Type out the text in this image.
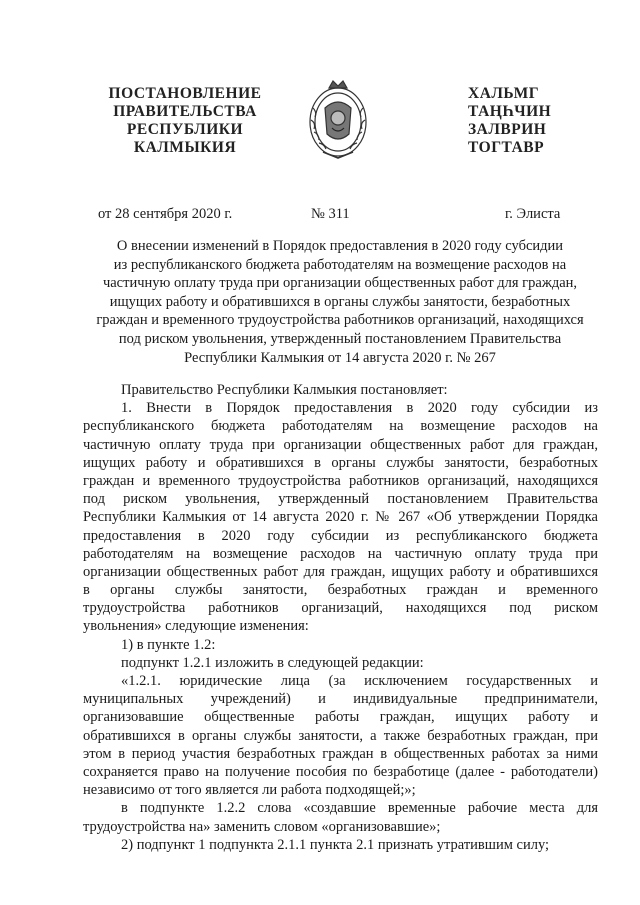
ПОСТАНОВЛЕНИЕ
ПРАВИТЕЛЬСТВА
РЕСПУБЛИКИ
КАЛМЫКИЯ
ХАЛЬМГ
ТАҢҺЧИН
ЗАЛВРИН
ТОГТАВР
от 28 сентября 2020 г.	№ 311	г. Элиста
О внесении изменений в Порядок предоставления в 2020 году субсидии
из республиканского бюджета работодателям на возмещение расходов на
частичную оплату труда при организации общественных работ для граждан,
ищущих работу и обратившихся в органы службы занятости, безработных
граждан и временного трудоустройства работников организаций, находящихся
под риском увольнения, утвержденный постановлением Правительства
Республики Калмыкия от 14 августа 2020 г. № 267
Правительство Республики Калмыкия постановляет:
1. Внести в Порядок предоставления в 2020 году субсидии из
республиканского бюджета работодателям на возмещение расходов на
частичную оплату труда при организации общественных работ для граждан,
ищущих работу и обратившихся в органы службы занятости, безработных
граждан и временного трудоустройства работников организаций, находящихся
под риском увольнения, утвержденный постановлением Правительства
Республики Калмыкия от 14 августа 2020 г. № 267 «Об утверждении Порядка
предоставления в 2020 году субсидии из республиканского бюджета
работодателям на возмещение расходов на частичную оплату труда при
организации общественных работ для граждан, ищущих работу и обратившихся
в органы службы занятости, безработных граждан и временного
трудоустройства работников организаций, находящихся под риском
увольнения» следующие изменения:
1) в пункте 1.2:
подпункт 1.2.1 изложить в следующей редакции:
«1.2.1. юридические лица (за исключением государственных и
муниципальных учреждений) и индивидуальные предприниматели,
организовавшие общественные работы граждан, ищущих работу и
обратившихся в органы службы занятости, а также безработных граждан, при
этом в период участия безработных граждан в общественных работах за ними
сохраняется право на получение пособия по безработице (далее - работодатели)
независимо от того является ли работа подходящей;»;
в подпункте 1.2.2 слова «создавшие временные рабочие места для
трудоустройства на» заменить словом «организовавшие»;
2) подпункт 1 подпункта 2.1.1 пункта 2.1 признать утратившим силу;
